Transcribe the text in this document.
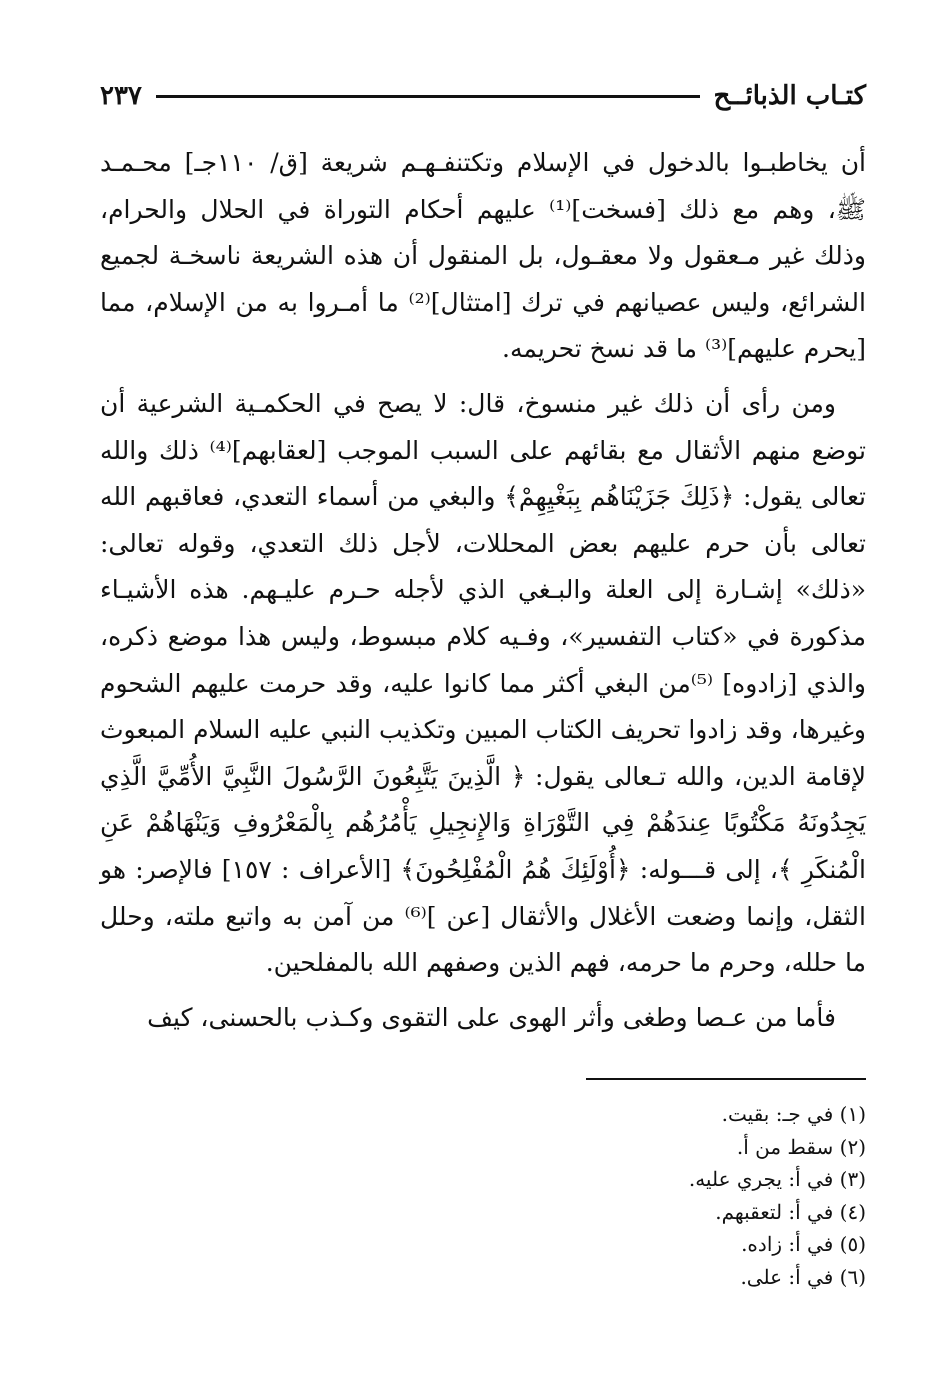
كتـاب الذبائــح
٢٣٧

أن يخاطبـوا بالدخول في الإسلام وتكتنفـهـم شريعة [ق/ ١١٠جـ] محـمـد ﷺ، وهم مع ذلك [فسخت]⁽¹⁾ عليهم أحكام التوراة في الحلال والحرام، وذلك غير مـعقول ولا معقـول، بل المنقول أن هذه الشريعة ناسخـة لجميع الشرائع، وليس عصيانهم في ترك [امتثال]⁽²⁾ ما أمـروا به من الإسلام، مما [يحرم عليهم]⁽³⁾ ما قد نسخ تحريمه.

ومن رأى أن ذلك غير منسوخ، قال: لا يصح في الحكمـية الشرعية أن توضع منهم الأثقال مع بقائهم على السبب الموجب [لعقابهم]⁽⁴⁾ ذلك والله تعالى يقول: ﴿ذَلِكَ جَزَيْنَاهُم بِبَغْيِهِمْ﴾ والبغي من أسماء التعدي، فعاقبهم الله تعالى بأن حرم عليهم بعض المحللات، لأجل ذلك التعدي، وقوله تعالى: «ذلك» إشـارة إلى العلة والبـغي الذي لأجله حـرم عليـهم. هذه الأشيـاء مذكورة في «كتاب التفسير»، وفـيه كلام مبسوط، وليس هذا موضع ذكره، والذي [زادوه] ⁽⁵⁾من البغي أكثر مما كانوا عليه، وقد حرمت عليهم الشحوم وغيرها، وقد زادوا تحريف الكتاب المبين وتكذيب النبي عليه السلام المبعوث لإقامة الدين، والله تـعالى يقول: ﴿ الَّذِينَ يَتَّبِعُونَ الرَّسُولَ النَّبِيَّ الأُمِّيَّ الَّذِي يَجِدُونَهُ مَكْتُوبًا عِندَهُمْ فِي التَّوْرَاةِ وَالإِنجِيلِ يَأْمُرُهُم بِالْمَعْرُوفِ وَيَنْهَاهُمْ عَنِ الْمُنكَرِ ﴾، إلى قـــوله: ﴿أُوْلَئِكَ هُمُ الْمُفْلِحُونَ﴾ [الأعراف : ١٥٧] فالإصر: هو الثقل، وإنما وضعت الأغلال والأثقال [عن ]⁽⁶⁾ من آمن به واتبع ملته، وحلل ما حلله، وحرم ما حرمه، فهم الذين وصفهم الله بالمفلحين.

فأما من عـصا وطغى وأثر الهوى على التقوى وكـذب بالحسنى، كيف

(١) في جـ: بقيت.
(٢) سقط من أ.
(٣) في أ: يجري عليه.
(٤) في أ: لتعقبهم.
(٥) في أ: زاده.
(٦) في أ: على.
